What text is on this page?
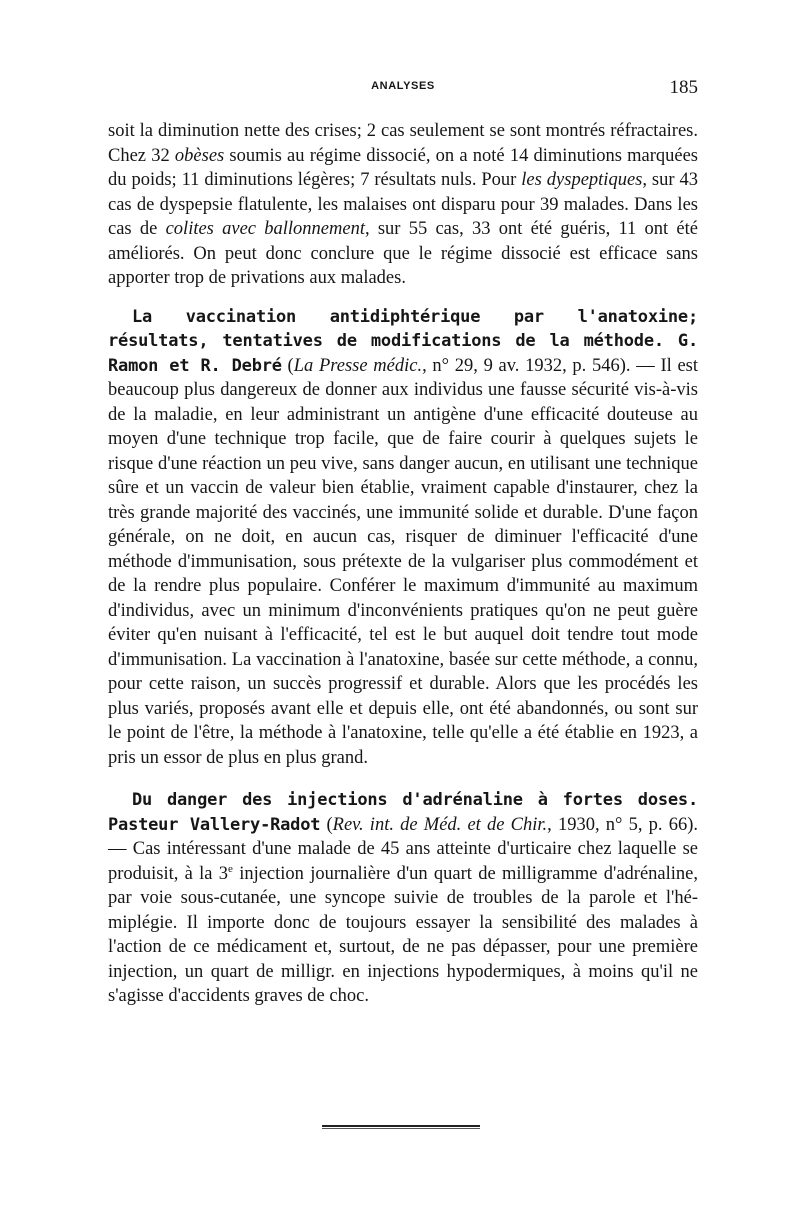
ANALYSES	185

soit la diminution nette des crises; 2 cas seulement se sont montrés réfractaires. Chez 32 obèses soumis au régime dissocié, on a noté 14 diminutions marquées du poids; 11 diminutions légères; 7 résultats nuls. Pour les dyspeptiques, sur 43 cas de dyspepsie flatulente, les malaises ont disparu pour 39 malades. Dans les cas de colites avec ballonnement, sur 55 cas, 33 ont été guéris, 11 ont été améliorés. On peut donc conclure que le régime dissocié est efficace sans apporter trop de privations aux malades.

La vaccination antidiphtérique par l'anatoxine; résultats, tentatives de modifications de la méthode. G. Ramon et R. Debré (La Presse médic., n° 29, 9 av. 1932, p. 546). — Il est beaucoup plus dangereux de donner aux individus une fausse sécurité vis-à-vis de la maladie, en leur administrant un antigène d'une efficacité douteuse au moyen d'une technique trop facile, que de faire courir à quelques sujets le risque d'une réaction un peu vive, sans danger aucun, en utilisant une technique sûre et un vaccin de valeur bien établie, vraiment capable d'instaurer, chez la très grande majorité des vaccinés, une immunité solide et durable. D'une façon générale, on ne doit, en aucun cas, risquer de diminuer l'efficacité d'une méthode d'immunisation, sous prétexte de la vulgariser plus commodément et de la rendre plus populaire. Conférer le maximum d'immunité au maximum d'individus, avec un minimum d'inconvénients pratiques qu'on ne peut guère éviter qu'en nuisant à l'efficacité, tel est le but auquel doit tendre tout mode d'immunisation. La vaccination à l'anatoxine, basée sur cette méthode, a connu, pour cette raison, un succès progressif et durable. Alors que les procédés les plus variés, proposés avant elle et depuis elle, ont été abandonnés, ou sont sur le point de l'être, la méthode à l'anatoxine, telle qu'elle a été établie en 1923, a pris un essor de plus en plus grand.

Du danger des injections d'adrénaline à fortes doses. Pasteur Vallery-Radot (Rev. int. de Méd. et de Chir., 1930, n° 5, p. 66). — Cas intéressant d'une malade de 45 ans atteinte d'urticaire chez laquelle se produisit, à la 3e injection journalière d'un quart de milligramme d'adrénaline, par voie sous-cutanée, une syncope suivie de troubles de la parole et l'hémiplégie. Il importe donc de toujours essayer la sensibilité des malades à l'action de ce médicament et, surtout, de ne pas dépasser, pour une première injection, un quart de milligr. en injections hypodermiques, à moins qu'il ne s'agisse d'accidents graves de choc.
